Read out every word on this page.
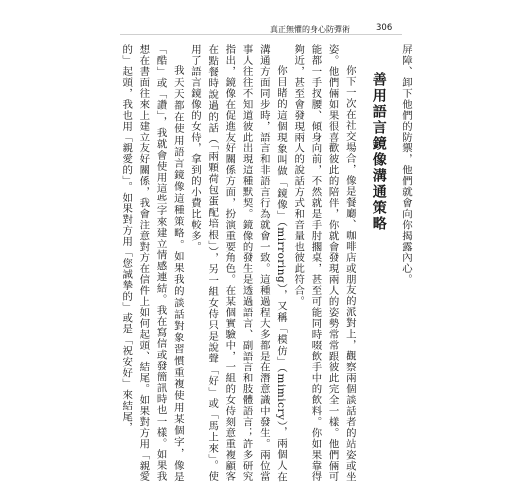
真正無懼的身心防彈術	306

屏障、卸下他們的防禦，他們就會向你揭露內心。

善用語言鏡像溝通策略

你下一次在社交場合，像是餐廳、咖啡店或朋友的派對上，觀察兩個談話者的站姿或坐姿。他們倆如果很喜歡彼此的陪伴，你就會發現兩人的姿勢常常跟彼此完全一樣。他們倆可能都一手扠腰、傾身向前，不然就是手肘擱桌，甚至可能同時啜飲手中的飲料。你如果靠得夠近，甚至會發現兩人的說話方式和音量也彼此符合。

你目睹的這個現象叫做「鏡像」（mirroring），又稱「模仿」（mimicry），兩個人在溝通方面同步時，語言和非語言行為就會一致。這種過程大多都是在潛意識中發生。兩位當事人往往不知道彼此出現這種默契。鏡像的發生是透過語言、副語言和肢體語言；許多研究指出，鏡像在促進友好關係方面，扮演重要角色。在某個實驗中，一組的女侍刻意重複顧客在點餐時說過的話（「兩顆荷包蛋配培根」），另一組女侍只是說聲「好」或「馬上來」。使用了語言鏡像的女侍，拿到的小費比較多。

我天天都在使用語言鏡像這種策略。如果我的談話對象習慣重複使用某個字，像是「酷」或「讚」，我就會使用這些字來建立情感連結。我在寫信或發簡訊時也一樣。如果我想在書面往來上建立友好關係，我會注意對方在信件上如何起頭、結尾。如果對方用「親愛的」起頭，我也用「親愛的」。如果對方用「您誠摯的」或是「祝安好」來結尾，
